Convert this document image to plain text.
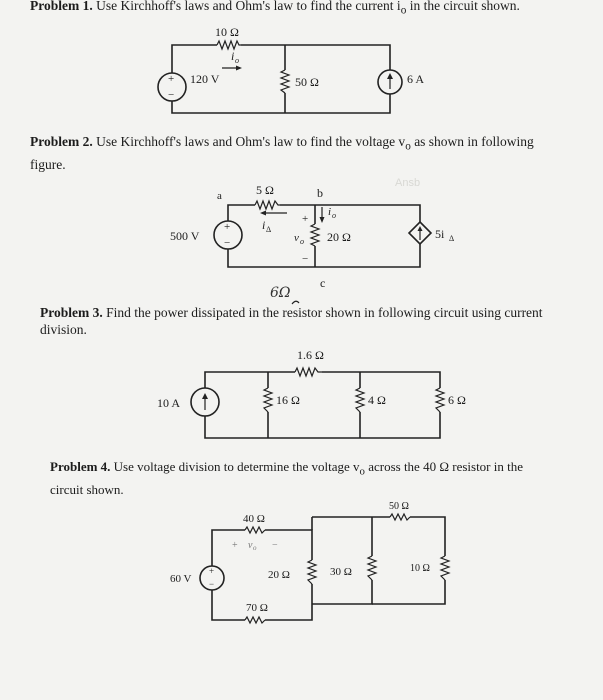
Problem 1. Use Kirchhoff's laws and Ohm's law to find the current $i_o$ in the circuit shown.
Problem 2. Use Kirchhoff's laws and Ohm's law to find the voltage $v_o$ as shown in following
figure.
Problem 3. Find the power dissipated in the resistor shown in following circuit using current
division.
Problem 4. Use voltage division to determine the voltage $v_o$ across the 40 Ω resistor in the
circuit shown.
10 Ω
i o
+
−
120 V	50 Ω	6 A
Ansb
a	b
c
5 Ω
i Δ
+
−
500 V	20 Ω
+
−
v o
i o
5i Δ
6Ω
1.6 Ω
10 A	16 Ω	4 Ω	6 Ω
40 Ω
+ v o −
50 Ω
+
−
60 V	20 Ω	30 Ω	10 Ω
70 Ω
